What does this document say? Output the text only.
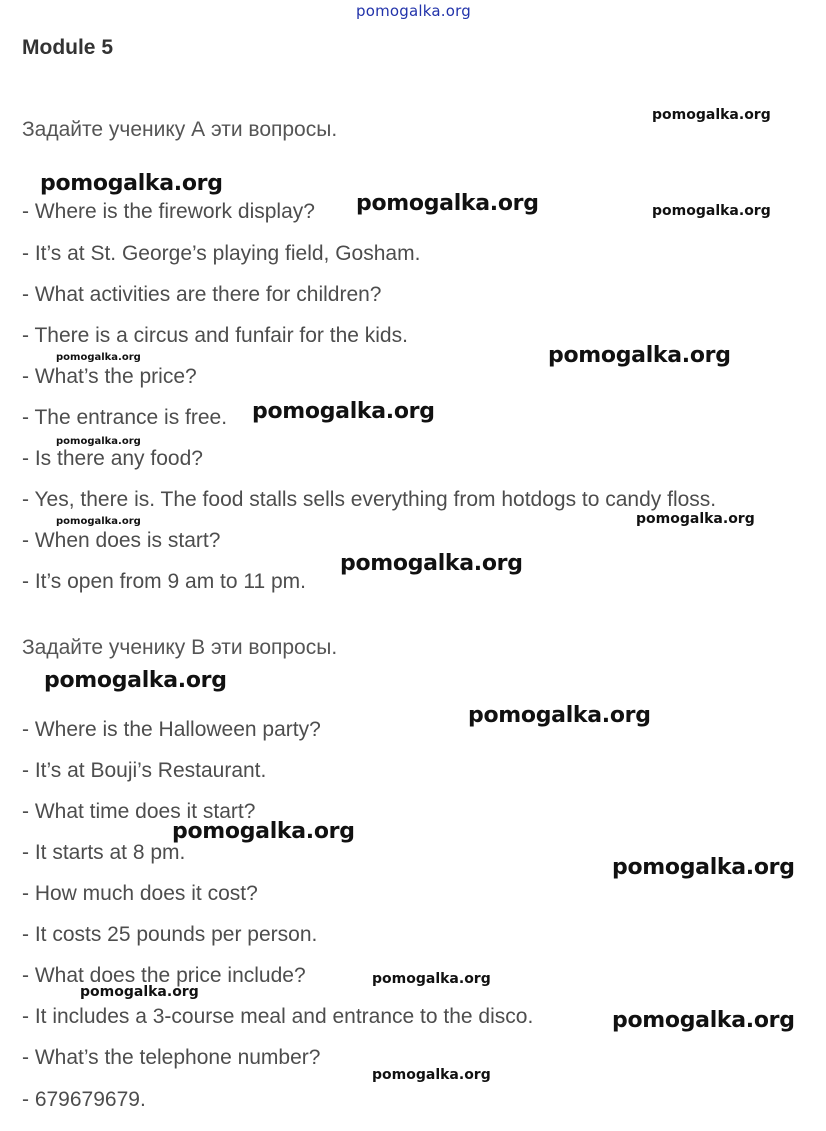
pomogalka.org
Module 5
Задайте ученику А эти вопросы.
- Where is the firework display?
- It’s at St. George’s playing field, Gosham.
- What activities are there for children?
- There is a circus and funfair for the kids.
- What’s the price?
- The entrance is free.
- Is there any food?
- Yes, there is. The food stalls sells everything from hotdogs to candy floss.
- When does is start?
- It’s open from 9 am to 11 pm.
Задайте ученику В эти вопросы.
- Where is the Halloween party?
- It’s at Bouji’s Restaurant.
- What time does it start?
- It starts at 8 pm.
- How much does it cost?
- It costs 25 pounds per person.
- What does the price include?
- It includes a 3-course meal and entrance to the disco.
- What’s the telephone number?
- 679679679.
pomogalka.org
pomogalka.org
pomogalka.org	pomogalka.org
pomogalka.org	pomogalka.org
pomogalka.org
pomogalka.org
pomogalka.org	pomogalka.org
pomogalka.org
pomogalka.org
pomogalka.org
pomogalka.org
pomogalka.org
pomogalka.org
pomogalka.org
pomogalka.org
pomogalka.org
